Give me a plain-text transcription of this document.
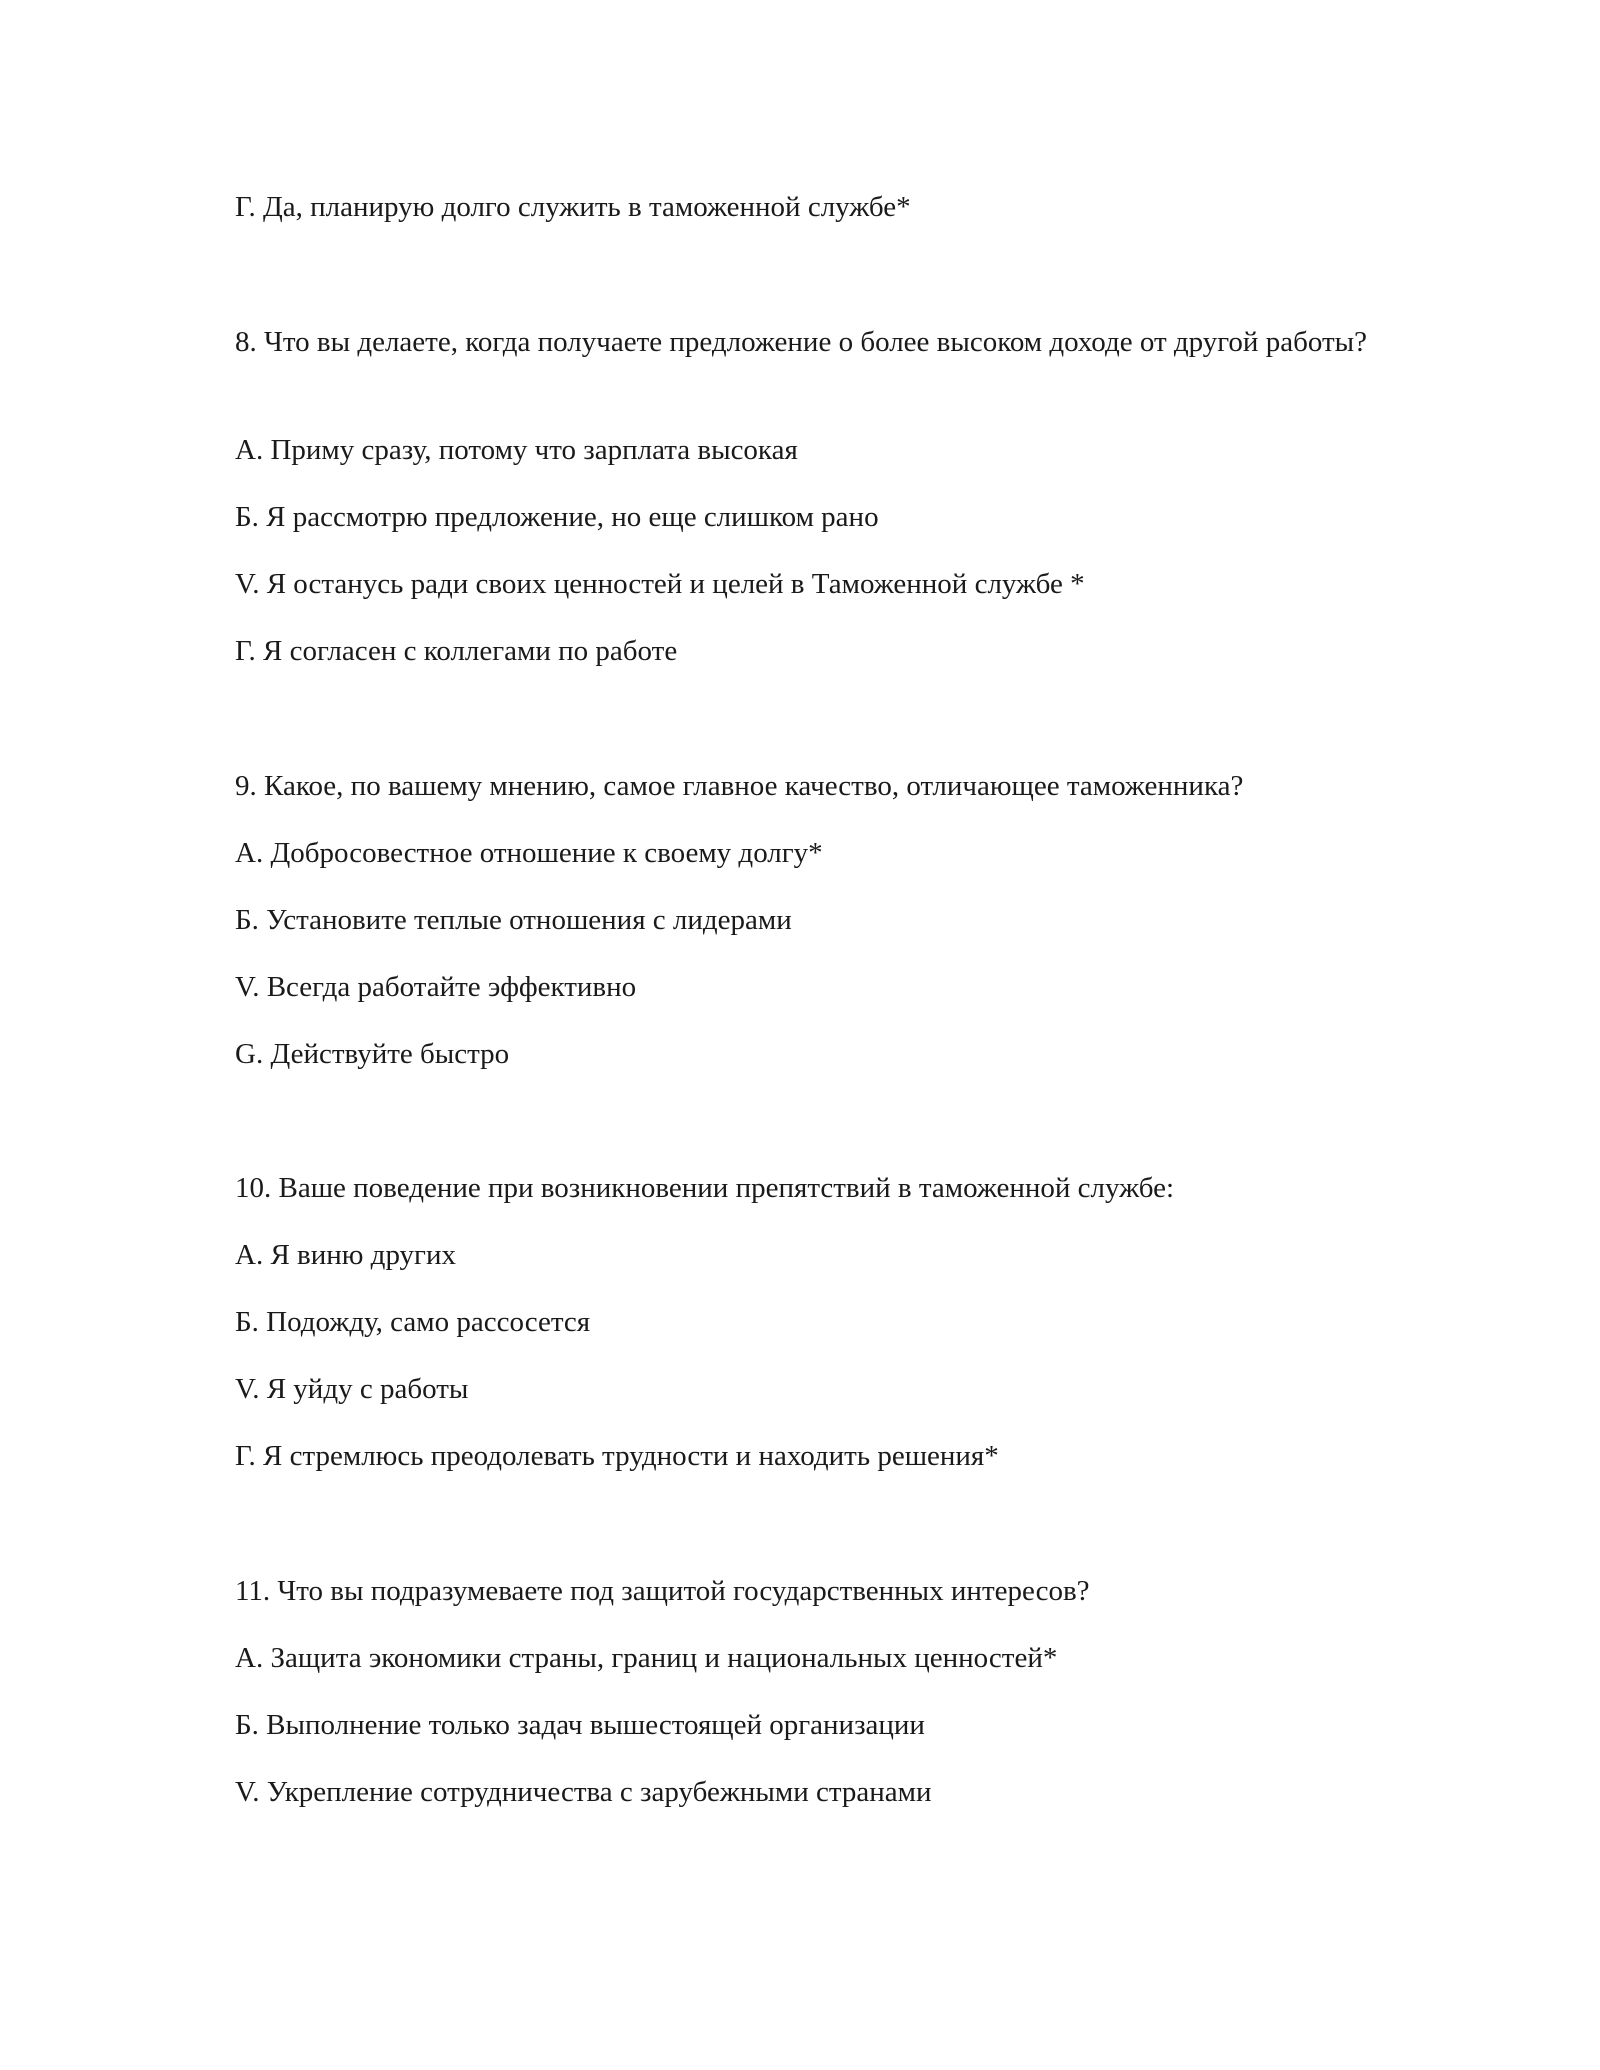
Г. Да, планирую долго служить в таможенной службе*
8. Что вы делаете, когда получаете предложение о более высоком доходе от другой работы?
А. Приму сразу, потому что зарплата высокая
Б. Я рассмотрю предложение, но еще слишком рано
V. Я останусь ради своих ценностей и целей в Таможенной службе *
Г. Я согласен с коллегами по работе
9. Какое, по вашему мнению, самое главное качество, отличающее таможенника?
А. Добросовестное отношение к своему долгу*
Б. Установите теплые отношения с лидерами
V. Всегда работайте эффективно
G. Действуйте быстро
10. Ваше поведение при возникновении препятствий в таможенной службе:
А. Я виню других
Б. Подожду, само рассосется
V. Я уйду с работы
Г. Я стремлюсь преодолевать трудности и находить решения*
11. Что вы подразумеваете под защитой государственных интересов?
А. Защита экономики страны, границ и национальных ценностей*
Б. Выполнение только задач вышестоящей организации
V. Укрепление сотрудничества с зарубежными странами
